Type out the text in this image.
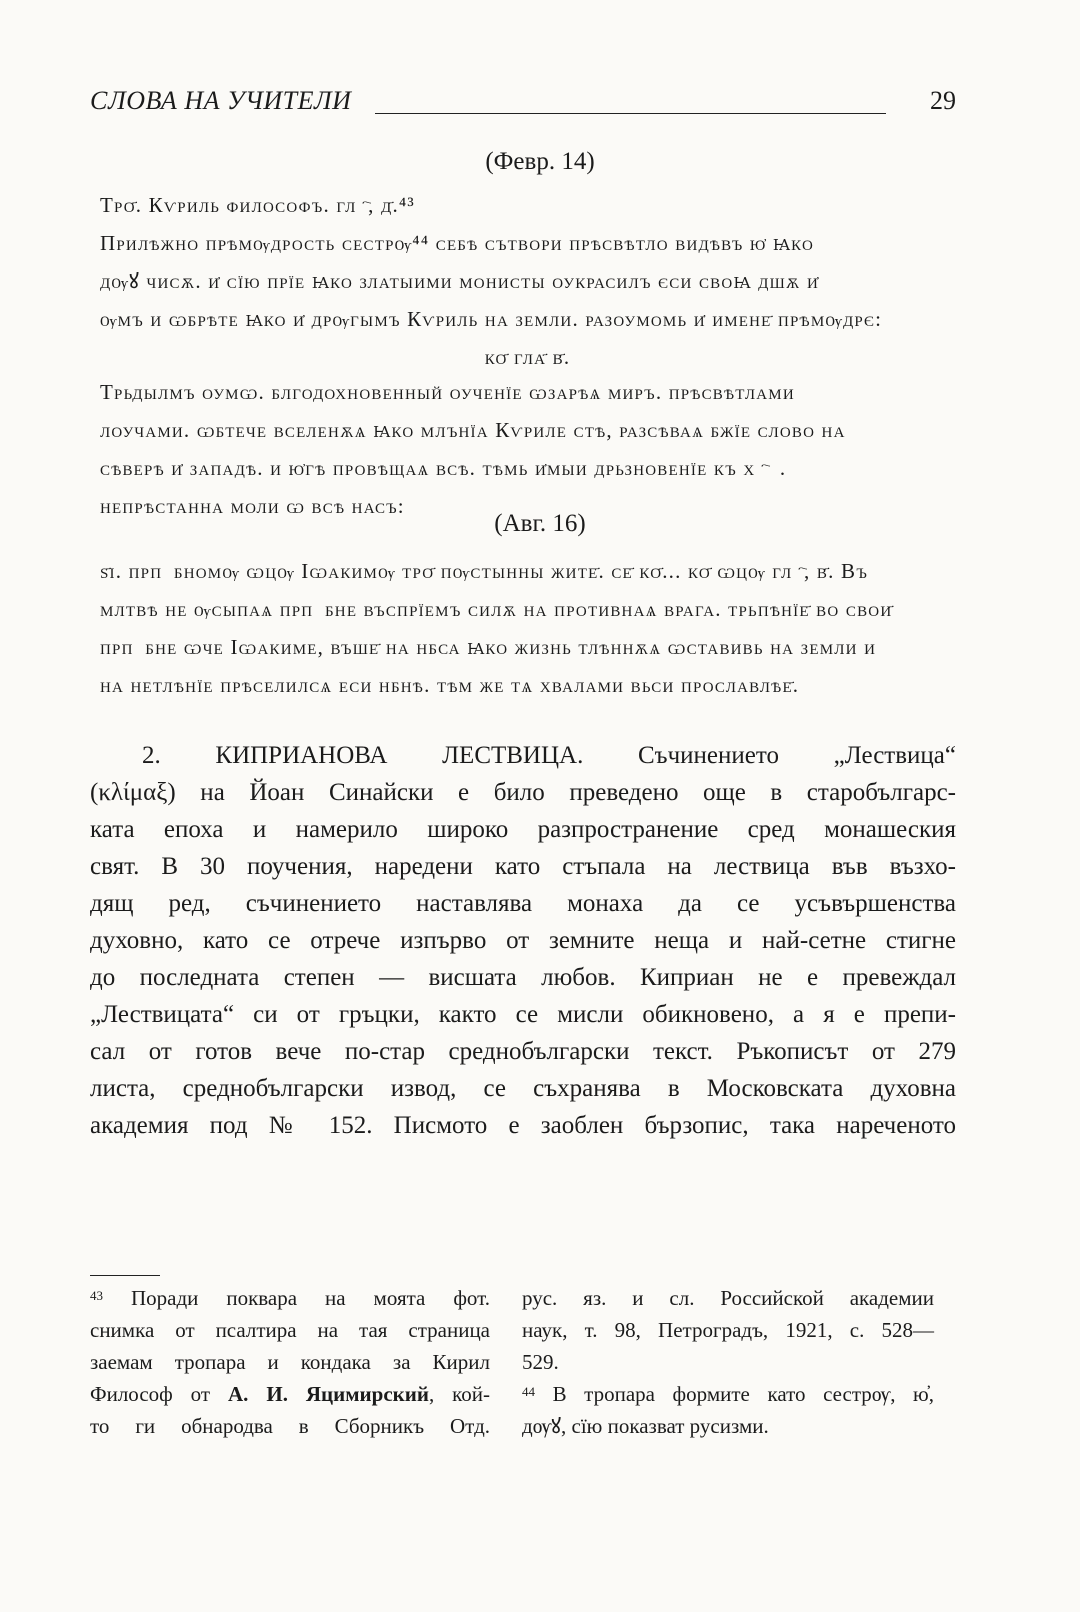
СЛОВА НА УЧИТЕЛИ	29
(Февр. 14)
Тро҃. Кѵриль философъ. глⷭ҇, д҃.⁴³
Прилѣжно прѣмѹдрость сестрѹ⁴⁴ себѣ сътвори прѣсвѣтло видѣвъ ю҆ ꙗко
дѹꙋ чисѫ. и҆ сїю прїе ꙗко златыими монисты оукрасилъ єси своꙗ дшѫ и҆
ѹмъ и ѡбрѣте ꙗко и҆ дрѹгымъ Кѵриль на земли. разоумомь и҆ имене҃ прѣмѹдрє:
ко҃ гла҃ в҃.
Трьдылмъ оумѡ. блгодохновенный оученїе ѡзарѣѧ миръ. прѣсвѣтлами
лоучами. ѡбтече вселенѫѧ ꙗко млънїа Кѵриле стѣ, разсѣваѧ бжїе слово на
сѣверѣ и҆ западѣ. и ю҆гѣ провѣщаѧ всѣ. тѣмь и҆мыи дрьзновенїе къ хⷭ҇ꙋ.
непрѣстанна моли ѡ всѣ насъ:
(Авг. 16)
ѕ҃і. прпⷣбномѹ ѡцѹ Іѡакимѹ тро҃ пѹстынны жите҃. се҃ ко҃... ко҃ ѡцѹ глⷭ҇, в҃. Въ
млтвѣ не ѹсыпаѧ прпⷣбне въспрїемъ силѫ на противнаѧ врага. трьпѣнїе҃ во свои҃
прпⷣбне ѡче Іѡакиме, въше҃ на нбса ꙗко жизнь тлѣннѫѧ ѡставивь на земли и
на нетлѣнїе прѣселилсѧ еси нбнѣ. тѣм же тѧ хвалами вьси прославлѣе҃.
2. КИПРИАНОВА ЛЕСТВИЦА. Съчинението „Лествица“
(κλίμαξ) на Йоан Синайски е било преведено още в старобългарс-
ката епоха и намерило широко разпространение сред монашеския
свят. В 30 поучения, наредени като стъпала на лествица във възхо-
дящ ред, съчинението наставлява монаха да се усъвършенства
духовно, като се отрече изпърво от земните неща и най-сетне стигне
до последната степен — висшата любов. Киприан не е превеждал
„Лествицата“ си от гръцки, както се мисли обикновено, а я е препи-
сал от готов вече по-стар среднобългарски текст. Ръкописът от 279
листа, среднобългарски извод, се съхранява в Московската духовна
академия под № 152. Писмото е заоблен бързопис, така нареченото
$^{43}$ Поради поквара на моята фот.
снимка от псалтира на тая страница
заемам тропара и кондака за Кирил
Философ от А. И. Яцимирский, кой-
то ги обнародва в Сборникъ Отд.
рус. яз. и сл. Российской академии
наук, т. 98, Петроградъ, 1921, с. 528—
529.
$^{44}$ В тропара формите като сестрѹ, ю҆,
дѹꙋ, сїю показват русизми.
